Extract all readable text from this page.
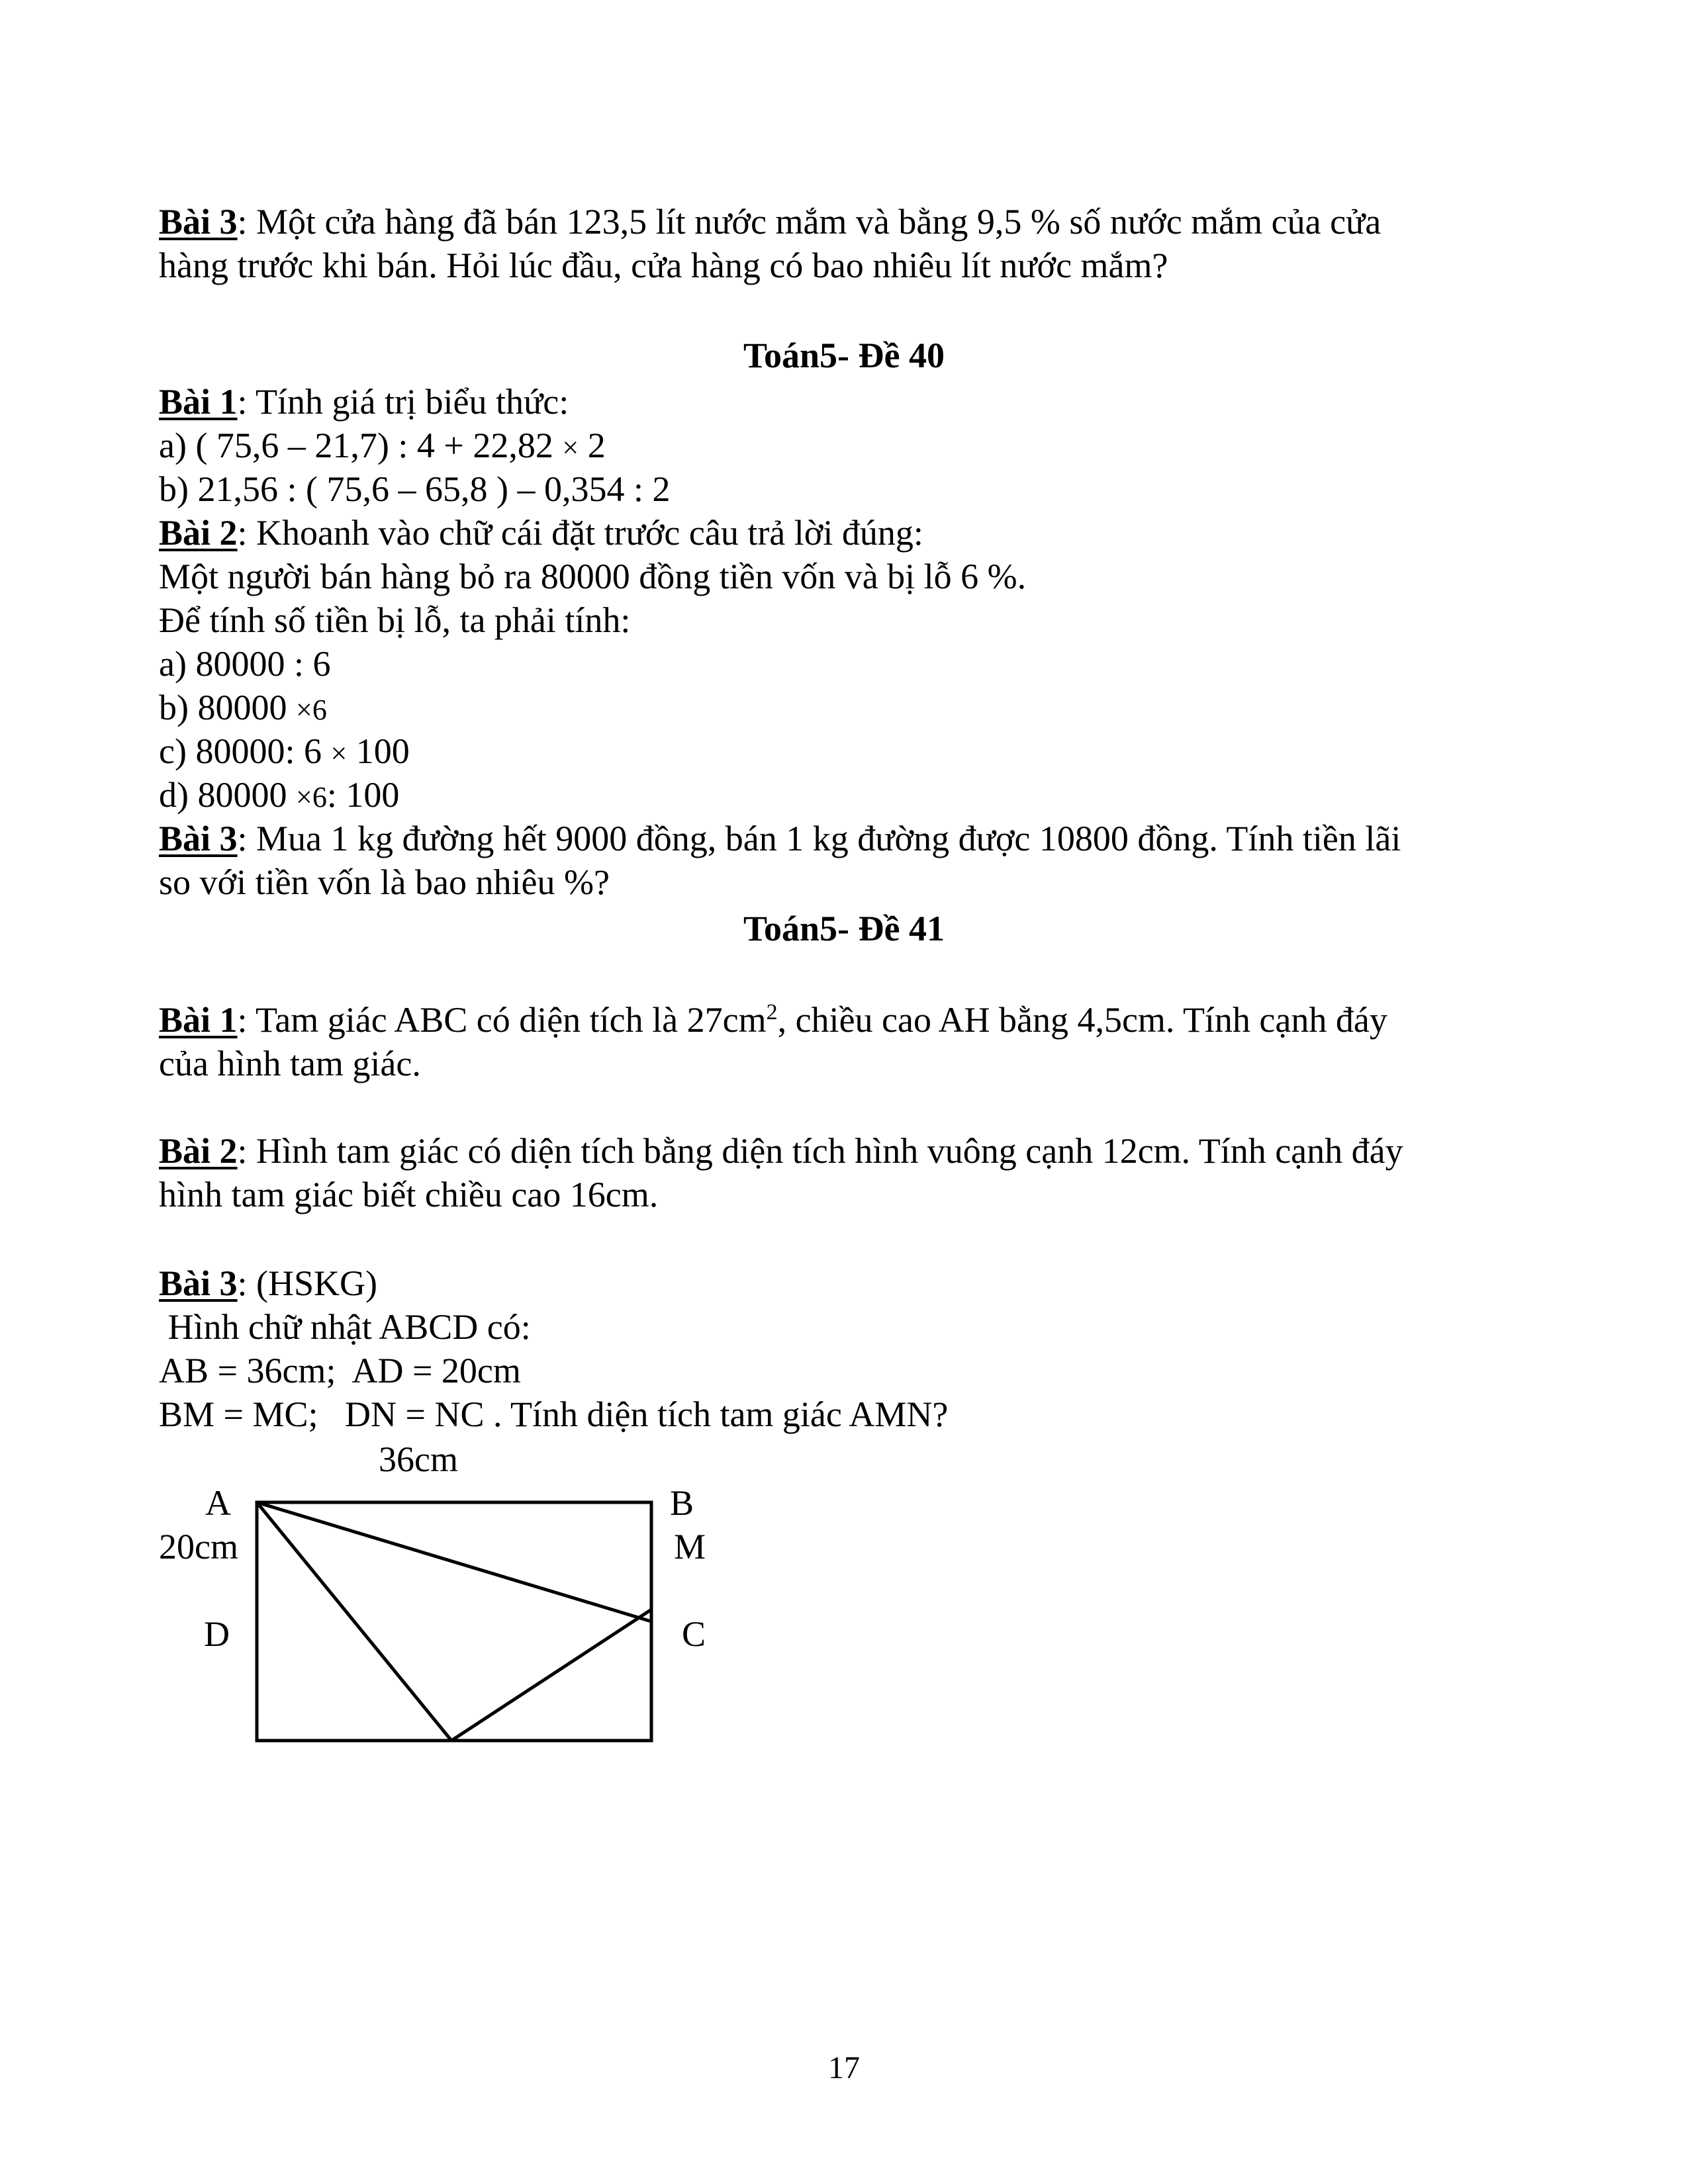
Bài 3: Một cửa hàng đã bán 123,5 lít nước mắm và bằng 9,5 % số nước mắm của cửa
hàng trước khi bán. Hỏi lúc đầu, cửa hàng có bao nhiêu lít nước mắm?
Toán5- Đề 40
Bài 1: Tính giá trị biểu thức:
a) ( 75,6 – 21,7) : 4 + 22,82 × 2
b) 21,56 : ( 75,6 – 65,8 ) – 0,354 : 2
Bài 2: Khoanh vào chữ cái đặt trước câu trả lời đúng:
Một người bán hàng bỏ ra 80000 đồng tiền vốn và bị lỗ 6 %.
Để tính số tiền bị lỗ, ta phải tính:
a) 80000 : 6
b) 80000 ×6
c) 80000: 6 × 100
d) 80000 ×6: 100
Bài 3: Mua 1 kg đường hết 9000 đồng, bán 1 kg đường được 10800 đồng. Tính tiền lãi
so với tiền vốn là bao nhiêu %?
Toán5- Đề 41
Bài 1: Tam giác ABC có diện tích là $27cm^2$, chiều cao AH bằng 4,5cm. Tính cạnh đáy
của hình tam giác.
Bài 2: Hình tam giác có diện tích bằng diện tích hình vuông cạnh 12cm. Tính cạnh đáy
hình tam giác biết chiều cao 16cm.
Bài 3: (HSKG)
Hình chữ nhật ABCD có:
AB = 36cm;  AD = 20cm
BM = MC;   DN = NC . Tính diện tích tam giác AMN?
36cm
A	B
20cm	M
D	C
17
